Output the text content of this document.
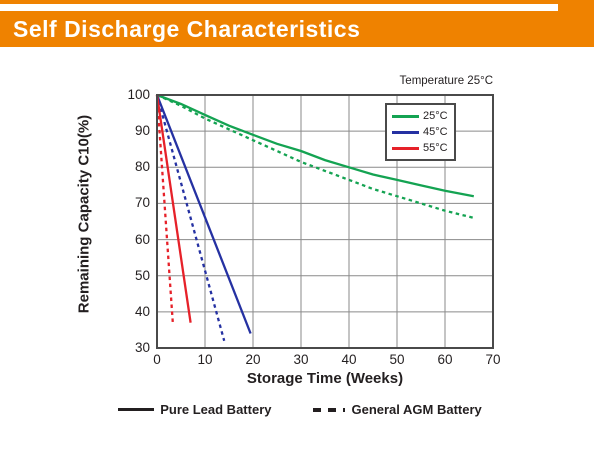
Self Discharge Characteristics
Temperature 25°C
Remaining Capacity C10(%)
Storage Time (Weeks)
100
90
80
70
60
50
40
30
0	10	20	30	40	50	60	70
25°C
45°C
55°C
Pure Lead Battery	General AGM Battery
